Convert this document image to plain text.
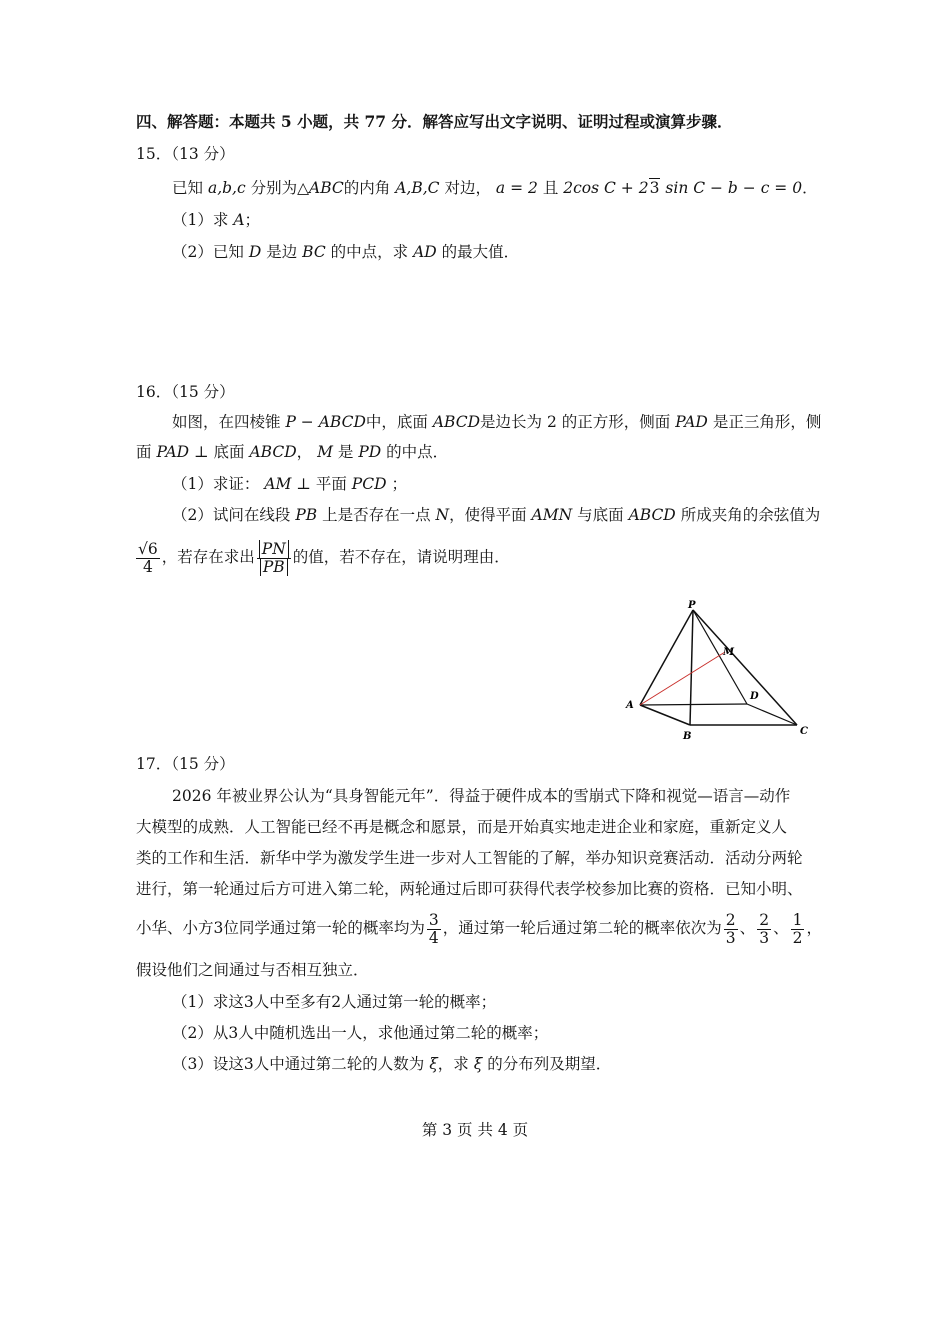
四、解答题：本题共 5 小题，共 77 分．解答应写出文字说明、证明过程或演算步骤．
15．（13 分）
已知 a,b,c 分别为△ABC的内角 A,B,C 对边， a = 2 且 2cos C + 23 sin C − b − c = 0．
（1）求 A；
（2）已知 D 是边 BC 的中点，求 AD 的最大值．
16．（15 分）
如图，在四棱锥 P − ABCD中，底面 ABCD是边长为 2 的正方形，侧面 PAD 是正三角形，侧
面 PAD ⊥ 底面 ABCD， M 是 PD 的中点．
（1）求证： AM ⊥ 平面 PCD ；
（2）试问在线段 PB 上是否存在一点 N，使得平面 AMN 与底面 ABCD 所成夹角的余弦值为
$\frac{√6}{4}$ ，若存在求出 $\frac{PN}{PB}$ 的值，若不存在，请说明理由．
P
A
B	C
D
M
17．（15 分）
2026 年被业界公认为“具身智能元年”．得益于硬件成本的雪崩式下降和视觉—语言—动作
大模型的成熟．人工智能已经不再是概念和愿景，而是开始真实地走进企业和家庭，重新定义人
类的工作和生活．新华中学为激发学生进一步对人工智能的了解，举办知识竞赛活动．活动分两轮
进行，第一轮通过后方可进入第二轮，两轮通过后即可获得代表学校参加比赛的资格．已知小明、
小华、小方3位同学通过第一轮的概率均为 $\frac{3}{4}$ ，通过第一轮后通过第二轮的概率依次为 $\frac{2}{3}$ 、 $\frac{2}{3}$ 、 $\frac{1}{2}$ ，
假设他们之间通过与否相互独立．
（1）求这3人中至多有2人通过第一轮的概率；
（2）从3人中随机选出一人，求他通过第二轮的概率；
（3）设这3人中通过第二轮的人数为 ξ，求 ξ 的分布列及期望．
第 3 页 共 4 页
